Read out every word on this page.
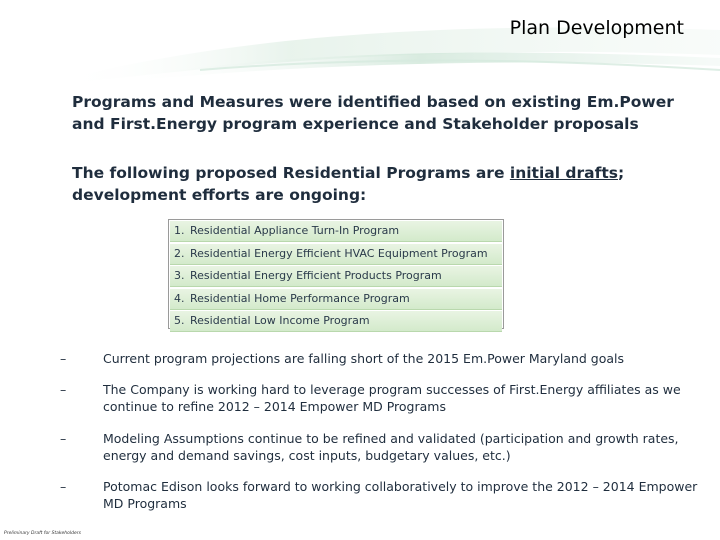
Plan Development
Programs and Measures were identified based on existing Em.Power and First.Energy program experience and Stakeholder proposals
The following proposed Residential Programs are initial drafts; development efforts are ongoing:
1. Residential Appliance Turn-In Program
2. Residential Energy Efficient HVAC Equipment Program
3. Residential Energy Efficient Products Program
4. Residential Home Performance Program
5. Residential Low Income Program
–	Current program projections are falling short of the 2015 Em.Power Maryland goals
–	The Company is working hard to leverage program successes of First.Energy affiliates as we continue to refine 2012 – 2014 Empower MD Programs
–	Modeling Assumptions continue to be refined and validated (participation and growth rates, energy and demand savings, cost inputs, budgetary values, etc.)
–	Potomac Edison looks forward to working collaboratively to improve the 2012 – 2014 Empower MD Programs
Preliminary Draft for Stakeholders
